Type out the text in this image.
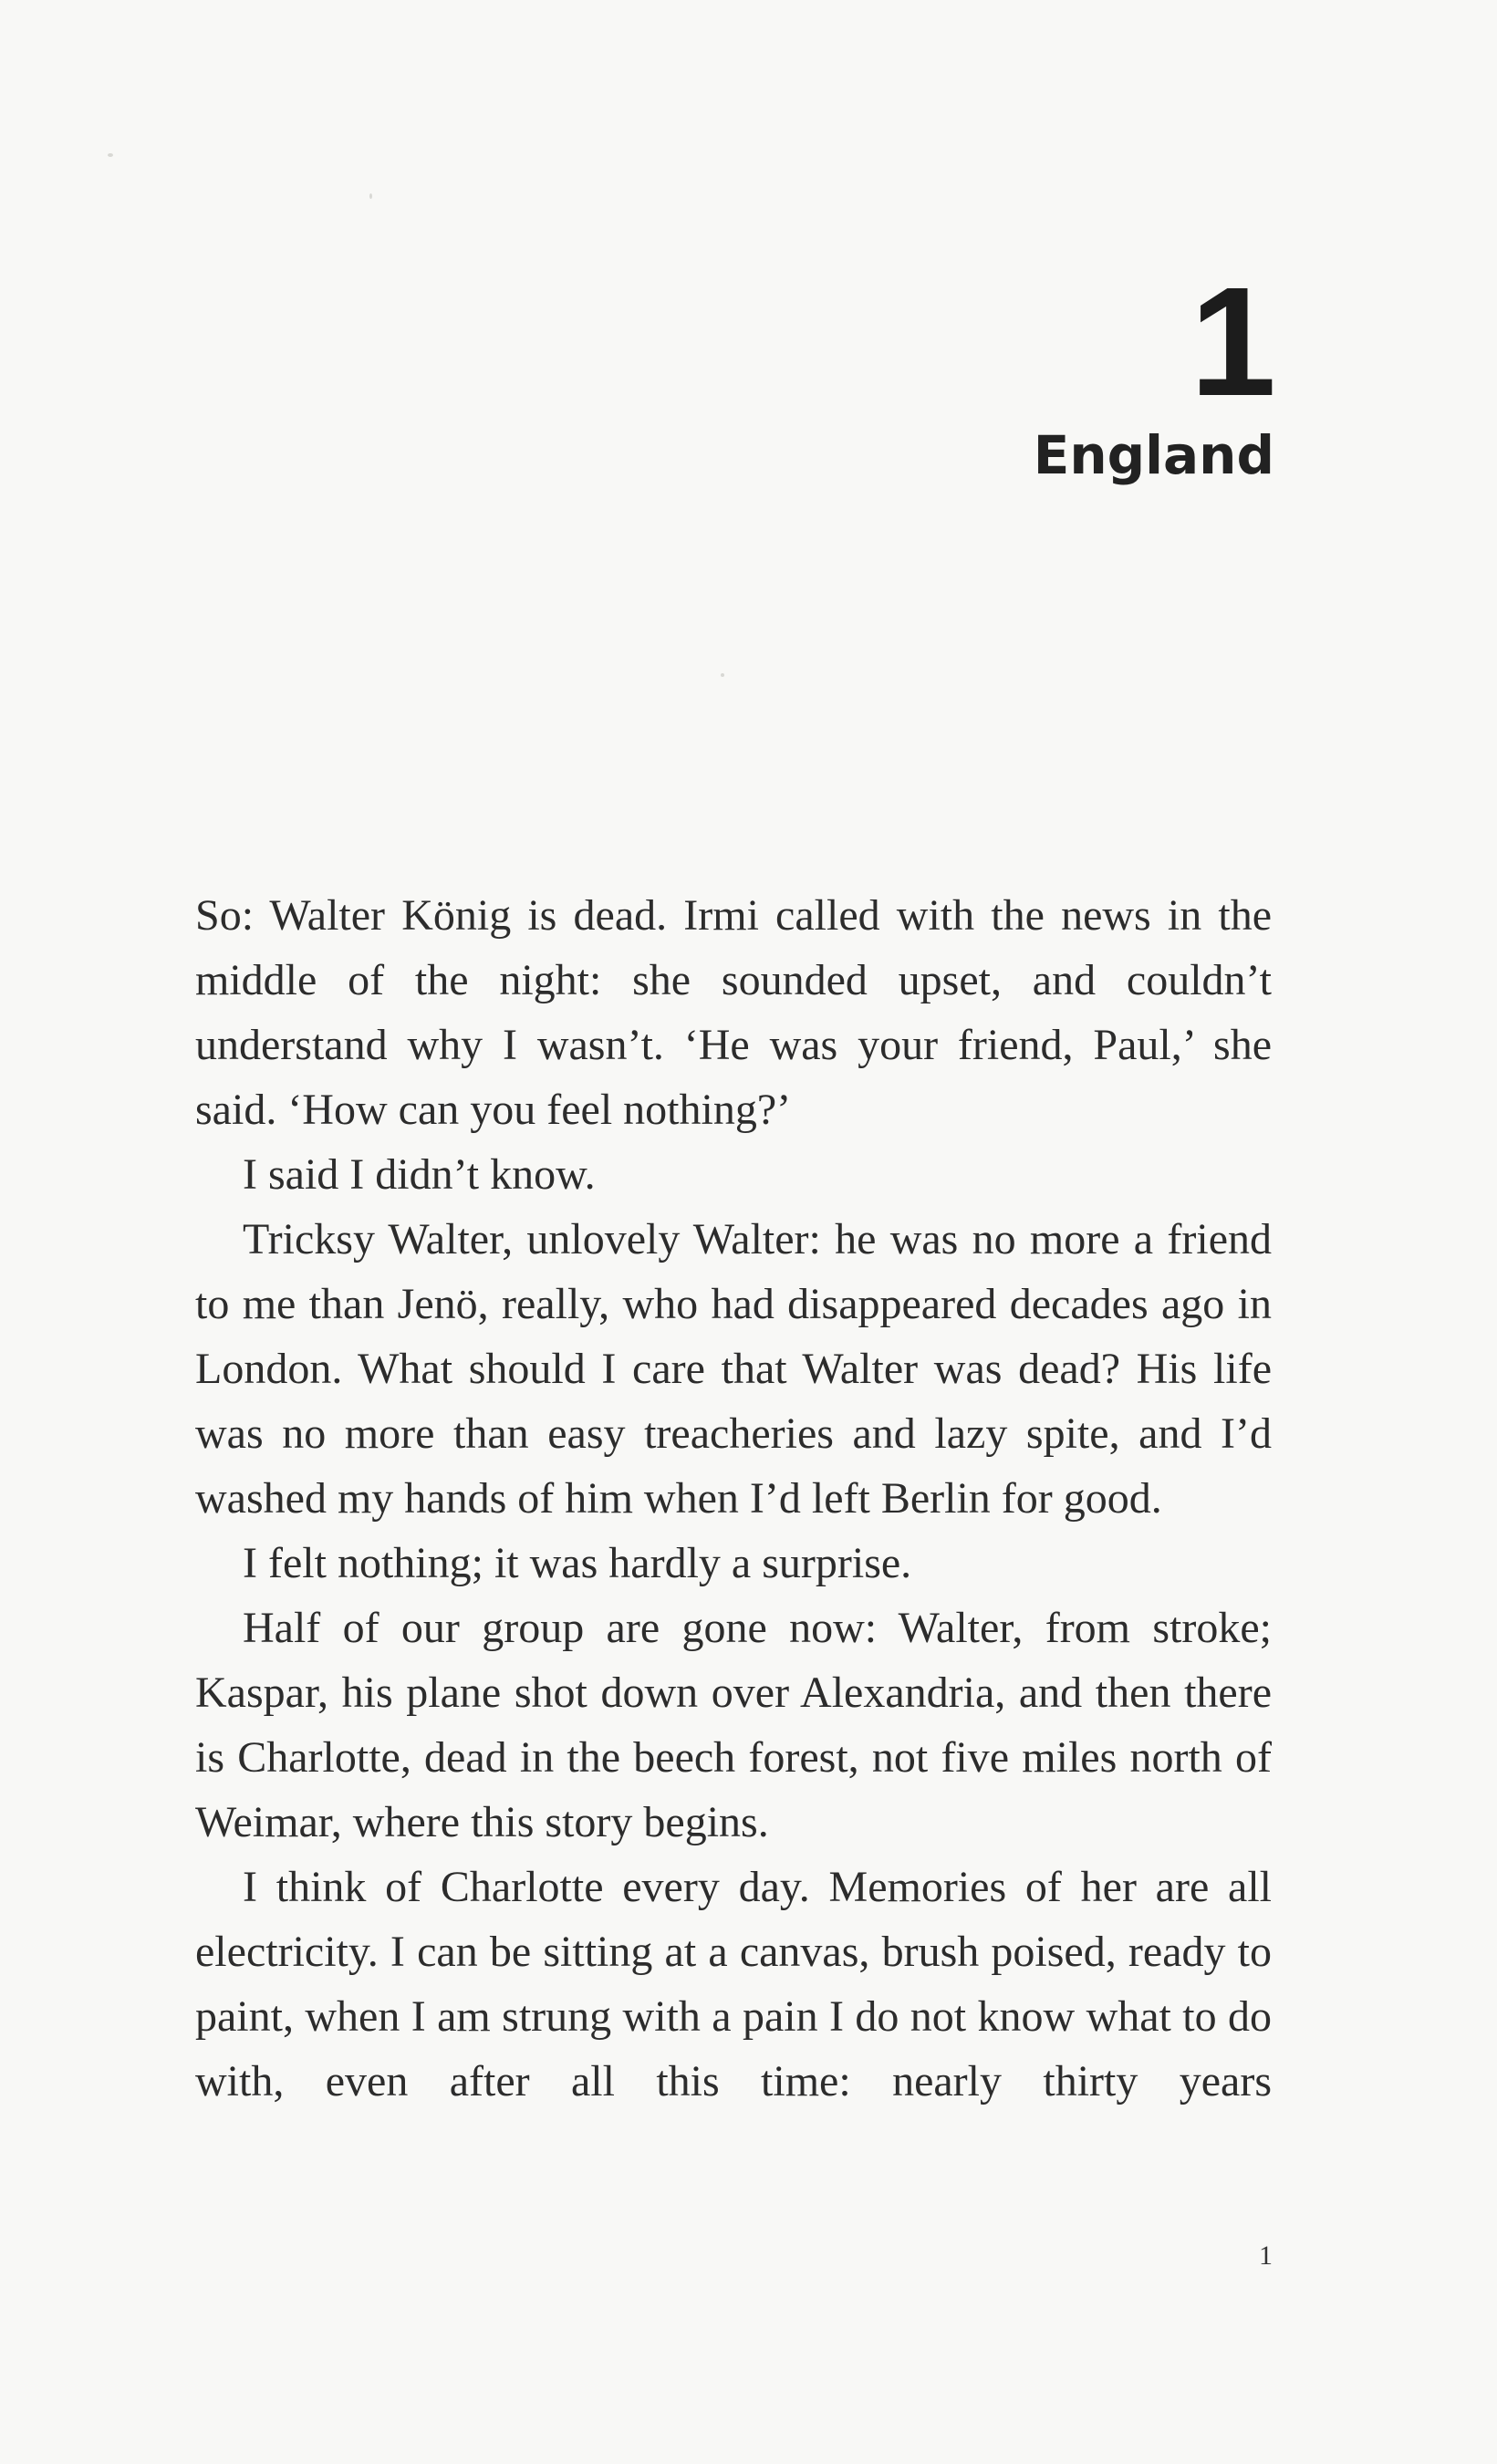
1
England

So: Walter König is dead. Irmi called with the news in the middle of the night: she sounded upset, and couldn’t understand why I wasn’t. ‘He was your friend, Paul,’ she said. ‘How can you feel nothing?’

I said I didn’t know.

Tricksy Walter, unlovely Walter: he was no more a friend to me than Jenö, really, who had disappeared decades ago in London. What should I care that Walter was dead? His life was no more than easy treacheries and lazy spite, and I’d washed my hands of him when I’d left Berlin for good.

I felt nothing; it was hardly a surprise.

Half of our group are gone now: Walter, from stroke; Kaspar, his plane shot down over Alexandria, and then there is Charlotte, dead in the beech forest, not five miles north of Weimar, where this story begins.

I think of Charlotte every day. Memories of her are all electricity. I can be sitting at a canvas, brush poised, ready to paint, when I am strung with a pain I do not know what to do with, even after all this time: nearly thirty years

1
